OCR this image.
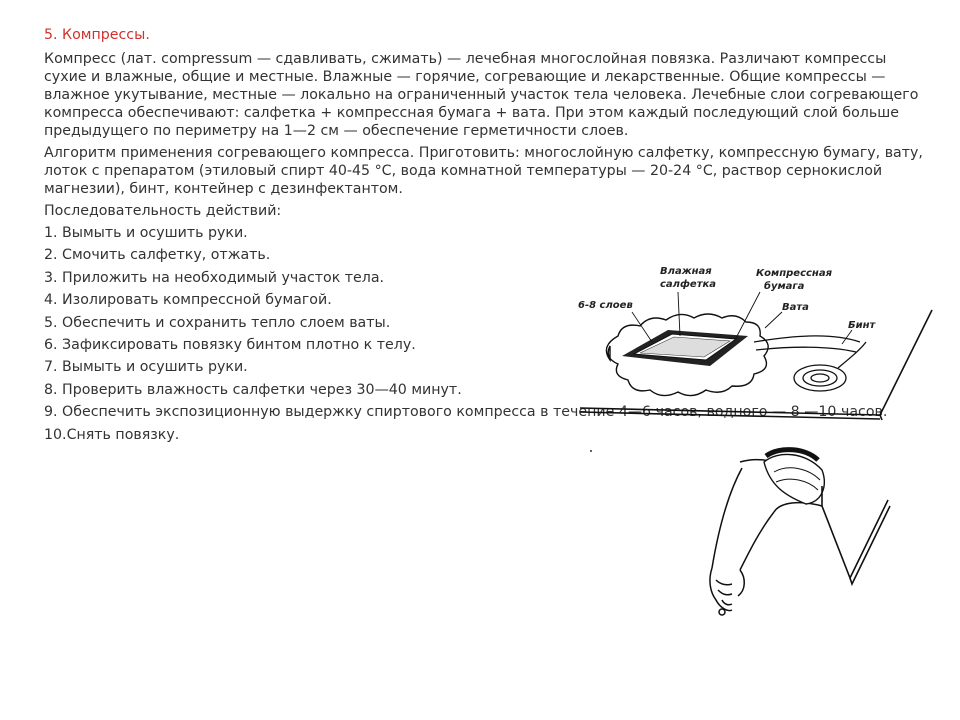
5. Компрессы.

Компресс (лат. compressum — сдавливать, сжимать) — лечебная многослойная повязка. Различают компрессы сухие и влажные, общие и местные. Влажные — горячие, согревающие и лекарственные. Общие компрессы — влажное укутывание, местные — локально на ограниченный участок тела человека. Лечебные слои согревающего компресса обеспечивают: салфетка + компрессная бумага + вата. При этом каждый последующий слой больше предыдущего по периметру на 1—2 см — обеспечение герметичности слоев.

Алгоритм применения согревающего компресса. Приготовить: многослойную салфетку, компрессную бумагу, вату, лоток с препаратом (этиловый спирт 40-45 °С, вода комнатной температуры — 20-24 °С, раствор сернокислой магнезии), бинт, контейнер с дезинфектантом.

Последовательность действий:

1. Вымыть и осушить руки.
2. Смочить салфетку, отжать.
3. Приложить на необходимый участок тела.
4. Изолировать компрессной бумагой.
5. Обеспечить и сохранить тепло слоем ваты.
6. Зафиксировать повязку бинтом плотно к телу.
7. Вымыть и осушить руки.
8. Проверить влажность салфетки через 30—40 минут.
9. Обеспечить экспозиционную выдержку спиртового компресса в течение 4—6 часов, водного — 8 —10 часов.
10.Снять повязку.
6-8 слоев
Влажная
салфетка
Компрессная
бумага
Вата
Бинт
